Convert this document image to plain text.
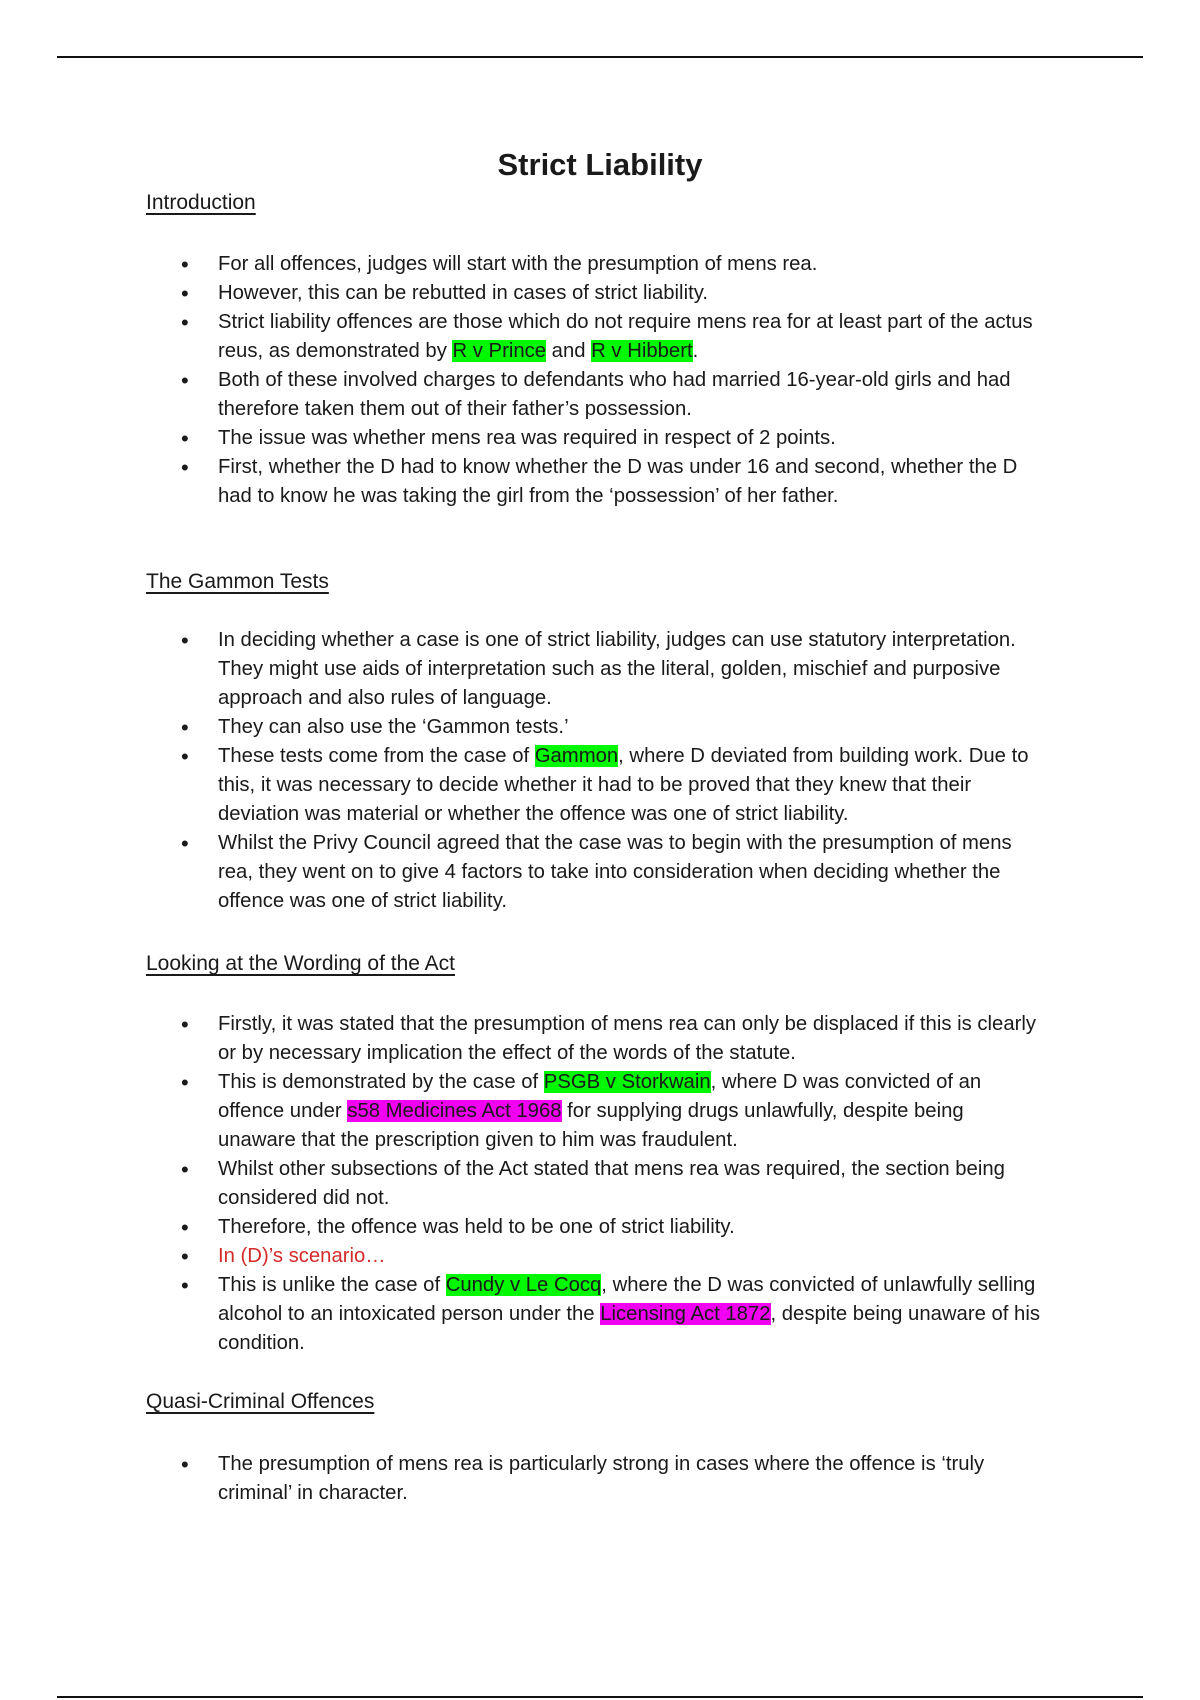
Strict Liability
Introduction
• For all offences, judges will start with the presumption of mens rea.
• However, this can be rebutted in cases of strict liability.
• Strict liability offences are those which do not require mens rea for at least part of the actus reus, as demonstrated by R v Prince and R v Hibbert.
• Both of these involved charges to defendants who had married 16-year-old girls and had therefore taken them out of their father’s possession.
• The issue was whether mens rea was required in respect of 2 points.
• First, whether the D had to know whether the D was under 16 and second, whether the D had to know he was taking the girl from the ‘possession’ of her father.
The Gammon Tests
• In deciding whether a case is one of strict liability, judges can use statutory interpretation. They might use aids of interpretation such as the literal, golden, mischief and purposive approach and also rules of language.
• They can also use the ‘Gammon tests.’
• These tests come from the case of Gammon, where D deviated from building work. Due to this, it was necessary to decide whether it had to be proved that they knew that their deviation was material or whether the offence was one of strict liability.
• Whilst the Privy Council agreed that the case was to begin with the presumption of mens rea, they went on to give 4 factors to take into consideration when deciding whether the offence was one of strict liability.
Looking at the Wording of the Act
• Firstly, it was stated that the presumption of mens rea can only be displaced if this is clearly or by necessary implication the effect of the words of the statute.
• This is demonstrated by the case of PSGB v Storkwain, where D was convicted of an offence under s58 Medicines Act 1968 for supplying drugs unlawfully, despite being unaware that the prescription given to him was fraudulent.
• Whilst other subsections of the Act stated that mens rea was required, the section being considered did not.
• Therefore, the offence was held to be one of strict liability.
• In (D)’s scenario…
• This is unlike the case of Cundy v Le Cocq, where the D was convicted of unlawfully selling alcohol to an intoxicated person under the Licensing Act 1872, despite being unaware of his condition.
Quasi-Criminal Offences
• The presumption of mens rea is particularly strong in cases where the offence is ‘truly criminal’ in character.
